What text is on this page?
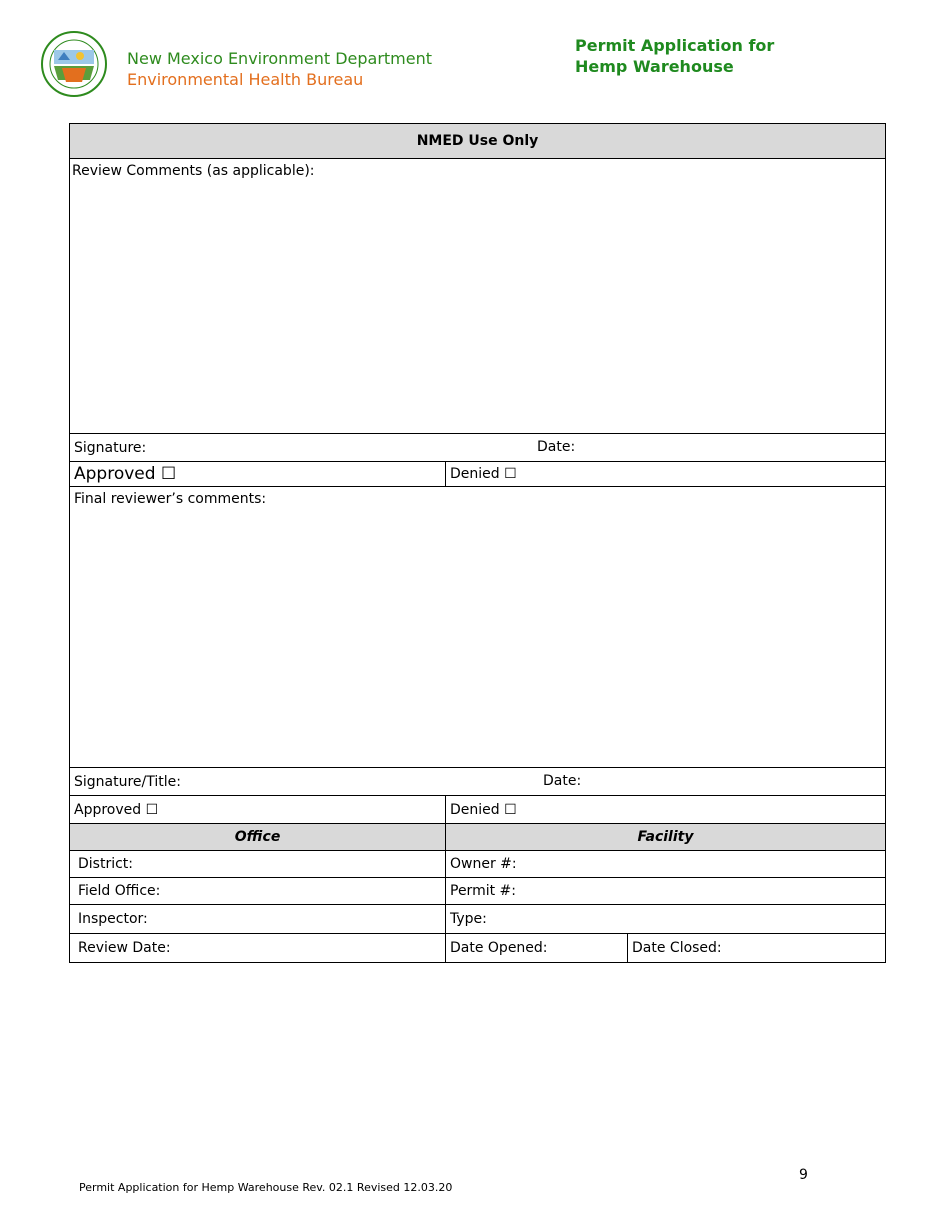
New Mexico Environment Department
Environmental Health Bureau
Permit Application for
Hemp Warehouse
NMED Use Only		
Review Comments (as applicable):		
Signature: Date:		

Approved ☐	Denied ☐	
Final reviewer’s comments:		
Signature/Title: Date:		

Approved ☐	Denied ☐	
Office	Facility	
District:	Owner #:	
Field Office:	Permit #:	
Inspector:	Type:	
Review Date:	Date Opened:	Date Closed:
9
Permit Application for Hemp Warehouse Rev. 02.1 Revised 12.03.20
